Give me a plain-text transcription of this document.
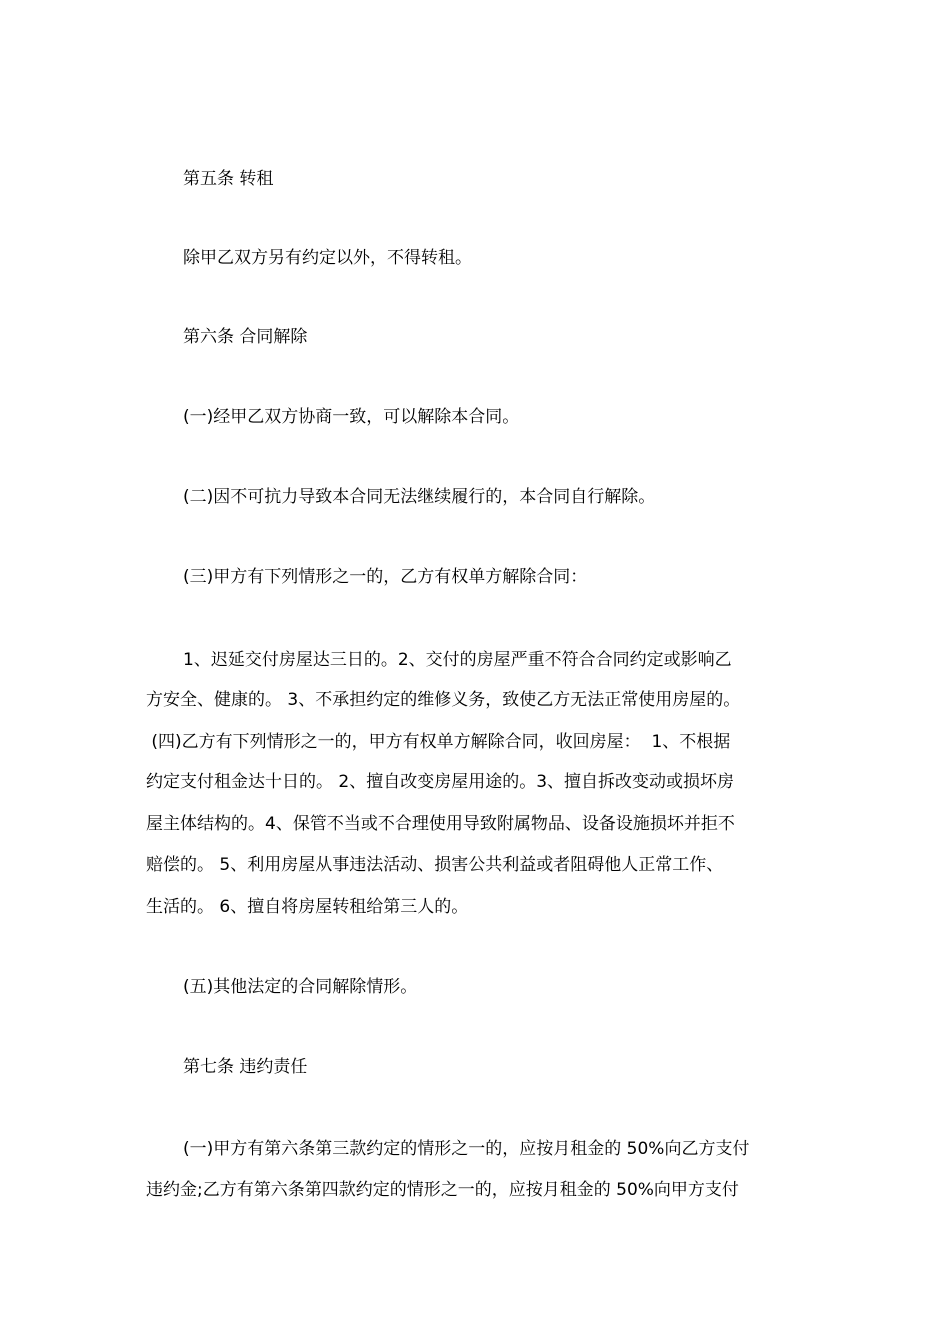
第五条 转租
除甲乙双方另有约定以外，不得转租。
第六条 合同解除
(一)经甲乙双方协商一致，可以解除本合同。
(二)因不可抗力导致本合同无法继续履行的，本合同自行解除。
(三)甲方有下列情形之一的，乙方有权单方解除合同：
1、迟延交付房屋达三日的。2、交付的房屋严重不符合合同约定或影响乙
方安全、健康的。 3、不承担约定的维修义务，致使乙方无法正常使用房屋的。
(四)乙方有下列情形之一的，甲方有权单方解除合同，收回房屋：  1、不根据
约定支付租金达十日的。 2、擅自改变房屋用途的。3、擅自拆改变动或损坏房
屋主体结构的。4、保管不当或不合理使用导致附属物品、设备设施损坏并拒不
赔偿的。 5、利用房屋从事违法活动、损害公共利益或者阻碍他人正常工作、
生活的。 6、擅自将房屋转租给第三人的。
(五)其他法定的合同解除情形。
第七条 违约责任
(一)甲方有第六条第三款约定的情形之一的，应按月租金的 50%向乙方支付
违约金;乙方有第六条第四款约定的情形之一的，应按月租金的 50%向甲方支付
